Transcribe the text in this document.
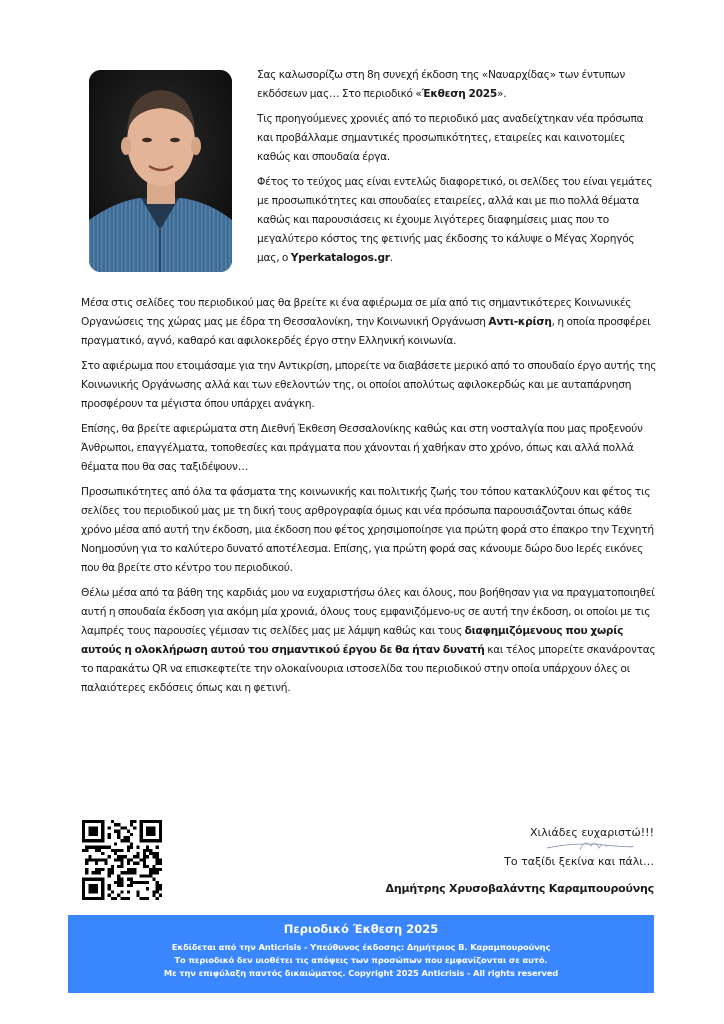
Σας καλωσορίζω στη 8η συνεχή έκδοση της «Ναυαρχίδας» των έντυπων εκδόσεων μας… Στο περιοδικό «Έκθεση 2025».

Τις προηγούμενες χρονιές από το περιοδικό μας αναδείχτηκαν νέα πρόσωπα και προβάλλαμε σημαντικές προσωπικότητες, εταιρείες και καινοτομίες καθώς και σπουδαία έργα.

Φέτος το τεύχος μας είναι εντελώς διαφορετικό, οι σελίδες του είναι γεμάτες με προσωπικότητες και σπουδαίες εταιρείες, αλλά και με πιο πολλά θέματα καθώς και παρουσιάσεις κι έχουμε λιγότερες διαφημίσεις μιας που το μεγαλύτερο κόστος της φετινής μας έκδοσης το κάλυψε ο Μέγας Χορηγός μας, ο Yperkatalogos.gr.

Μέσα στις σελίδες του περιοδικού μας θα βρείτε κι ένα αφιέρωμα σε μία από τις σημαντικότερες Κοινωνικές Οργανώσεις της χώρας μας με έδρα τη Θεσσαλονίκη, την Κοινωνική Οργάνωση Αντι-κρίση, η οποία προσφέρει πραγματικό, αγνό, καθαρό και αφιλοκερδές έργο στην Ελληνική κοινωνία.

Στο αφιέρωμα που ετοιμάσαμε για την Αντικρίση, μπορείτε να διαβάσετε μερικό από το σπουδαίο έργο αυτής της Κοινωνικής Οργάνωσης αλλά και των εθελοντών της, οι οποίοι απολύτως αφιλοκερδώς και με αυταπάρνηση προσφέρουν τα μέγιστα όπου υπάρχει ανάγκη.

Επίσης, θα βρείτε αφιερώματα στη Διεθνή Έκθεση Θεσσαλονίκης καθώς και στη νοσταλγία που μας προξενούν Άνθρωποι, επαγγέλματα, τοποθεσίες και πράγματα που χάνονται ή χαθήκαν στο χρόνο, όπως και αλλά πολλά θέματα που θα σας ταξιδέψουν…

Προσωπικότητες από όλα τα φάσματα της κοινωνικής και πολιτικής ζωής του τόπου κατακλύζουν και φέτος τις σελίδες του περιοδικού μας με τη δική τους αρθρογραφία όμως και νέα πρόσωπα παρουσιάζονται όπως κάθε χρόνο μέσα από αυτή την έκδοση, μια έκδοση που φέτος χρησιμοποίησε για πρώτη φορά στο έπακρο την Τεχνητή Νοημοσύνη για το καλύτερο δυνατό αποτέλεσμα. Επίσης, για πρώτη φορά σας κάνουμε δώρο δυο Ιερές εικόνες που θα βρείτε στο κέντρο του περιοδικού.

Θέλω μέσα από τα βάθη της καρδιάς μου να ευχαριστήσω όλες και όλους, που βοήθησαν για να πραγματοποιηθεί αυτή η σπουδαία έκδοση για ακόμη μία χρονιά, όλους τους εμφανιζόμενο-υς σε αυτή την έκδοση, οι οποίοι με τις λαμπρές τους παρουσίες γέμισαν τις σελίδες μας με λάμψη καθώς και τους διαφημιζόμενους που χωρίς αυτούς η ολοκλήρωση αυτού του σημαντικού έργου δε θα ήταν δυνατή και τέλος μπορείτε σκανάροντας το παρακάτω QR να επισκεφτείτε την ολοκαίνουρια ιστοσελίδα του περιοδικού στην οποία υπάρχουν όλες οι παλαιότερες εκδόσεις όπως και η φετινή.

Χιλιάδες ευχαριστώ!!!
Το ταξίδι ξεκίνα και πάλι…
Δημήτρης Χρυσοβαλάντης Καραμπουρούνης
Περιοδικό Έκθεση 2025
Εκδίδεται από την Anticrisis - Υπεύθυνος έκδοσης: Δημήτριος Β. Καραμπουρούνης
Το περιοδικό δεν υιοθέτει τις απόψεις των προσώπων που εμφανίζονται σε αυτό.
Με την επιφύλαξη παντός δικαιώματος. Copyright 2025 Anticrisis - All rights reserved
